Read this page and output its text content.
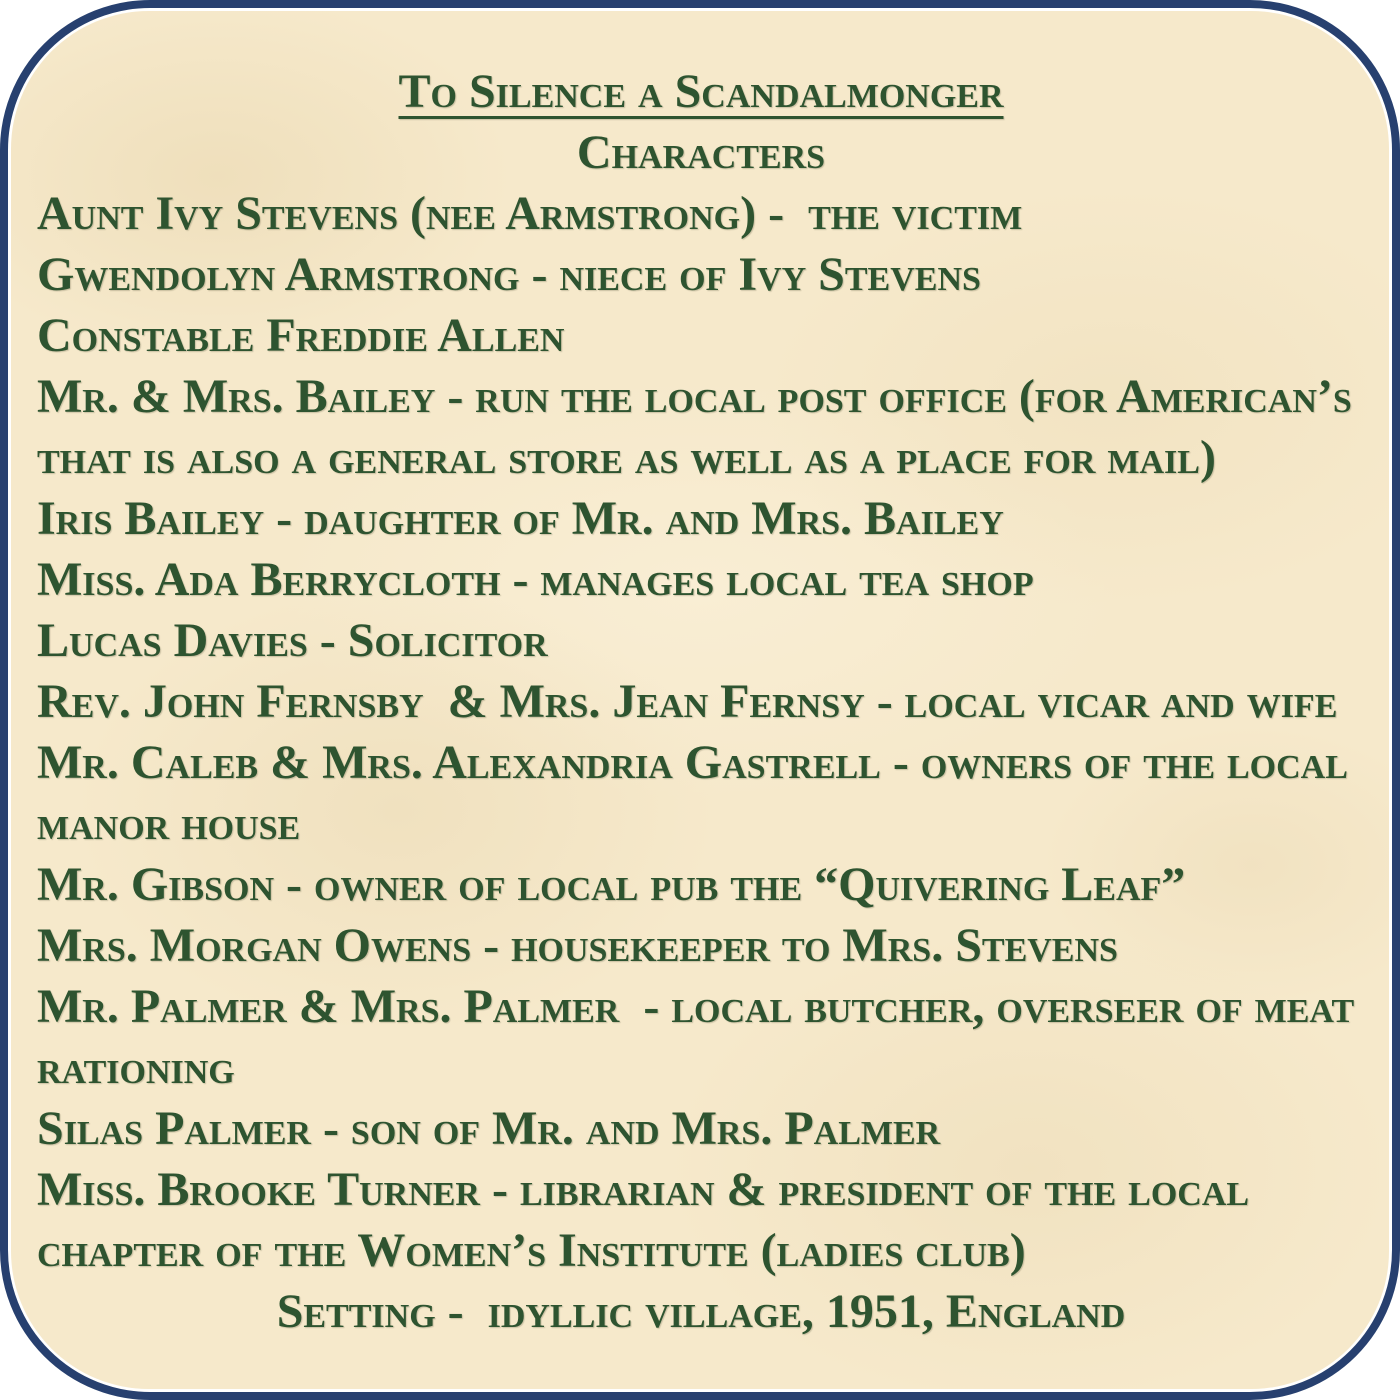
To Silence a Scandalmonger
Characters
Aunt Ivy Stevens (nee Armstrong) -  the victim
Gwendolyn Armstrong - niece of Ivy Stevens
Constable Freddie Allen
Mr. & Mrs. Bailey - run the local post office (for American’s
that is also a general store as well as a place for mail)
Iris Bailey - daughter of Mr. and Mrs. Bailey
Miss. Ada Berrycloth - manages local tea shop
Lucas Davies - Solicitor
Rev. John Fernsby  & Mrs. Jean Fernsy - local vicar and wife
Mr. Caleb & Mrs. Alexandria Gastrell - owners of the local
manor house
Mr. Gibson - owner of local pub the “Quivering Leaf”
Mrs. Morgan Owens - housekeeper to Mrs. Stevens
Mr. Palmer & Mrs. Palmer  - local butcher, overseer of meat
rationing
Silas Palmer - son of Mr. and Mrs. Palmer
Miss. Brooke Turner - librarian & president of the local
chapter of the Women’s Institute (ladies club)
Setting -  idyllic village, 1951, England
